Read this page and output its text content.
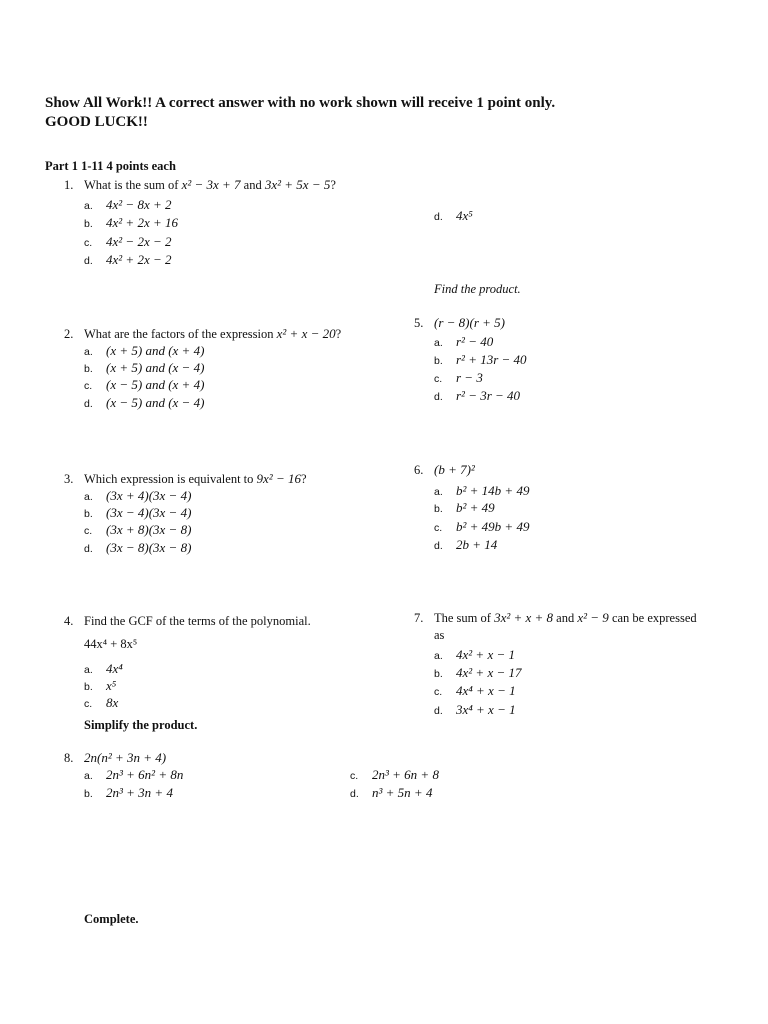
Show All Work!! A correct answer with no work shown will receive 1 point only.
GOOD LUCK!!
Part 1 1-11 4 points each
1. What is the sum of x² − 3x + 7 and 3x² + 5x − 5?
a. 4x² − 8x + 2
b. 4x² + 2x + 16
c. 4x² − 2x − 2
d. 4x² + 2x − 2
d. 4x⁵
Find the product.
2. What are the factors of the expression x² + x − 20?
a. (x + 5) and (x + 4)
b. (x + 5) and (x − 4)
c. (x − 5) and (x + 4)
d. (x − 5) and (x − 4)
5. (r − 8)(r + 5)
a. r² − 40
b. r² + 13r − 40
c. r − 3
d. r² − 3r − 40
3. Which expression is equivalent to 9x² − 16?
a. (3x + 4)(3x − 4)
b. (3x − 4)(3x − 4)
c. (3x + 8)(3x − 8)
d. (3x − 8)(3x − 8)
6. (b + 7)²
a. b² + 14b + 49
b. b² + 49
c. b² + 49b + 49
d. 2b + 14
4. Find the GCF of the terms of the polynomial.
44x⁴ + 8x⁵
a. 4x⁴
b. x⁵
c. 8x
7. The sum of 3x² + x + 8 and x² − 9 can be expressed
as
a. 4x² + x − 1
b. 4x² + x − 17
c. 4x⁴ + x − 1
d. 3x⁴ + x − 1
Simplify the product.
8. 2n(n² + 3n + 4)
a. 2n³ + 6n² + 8n
b. 2n³ + 3n + 4
c. 2n³ + 6n + 8
d. n³ + 5n + 4
Complete.
